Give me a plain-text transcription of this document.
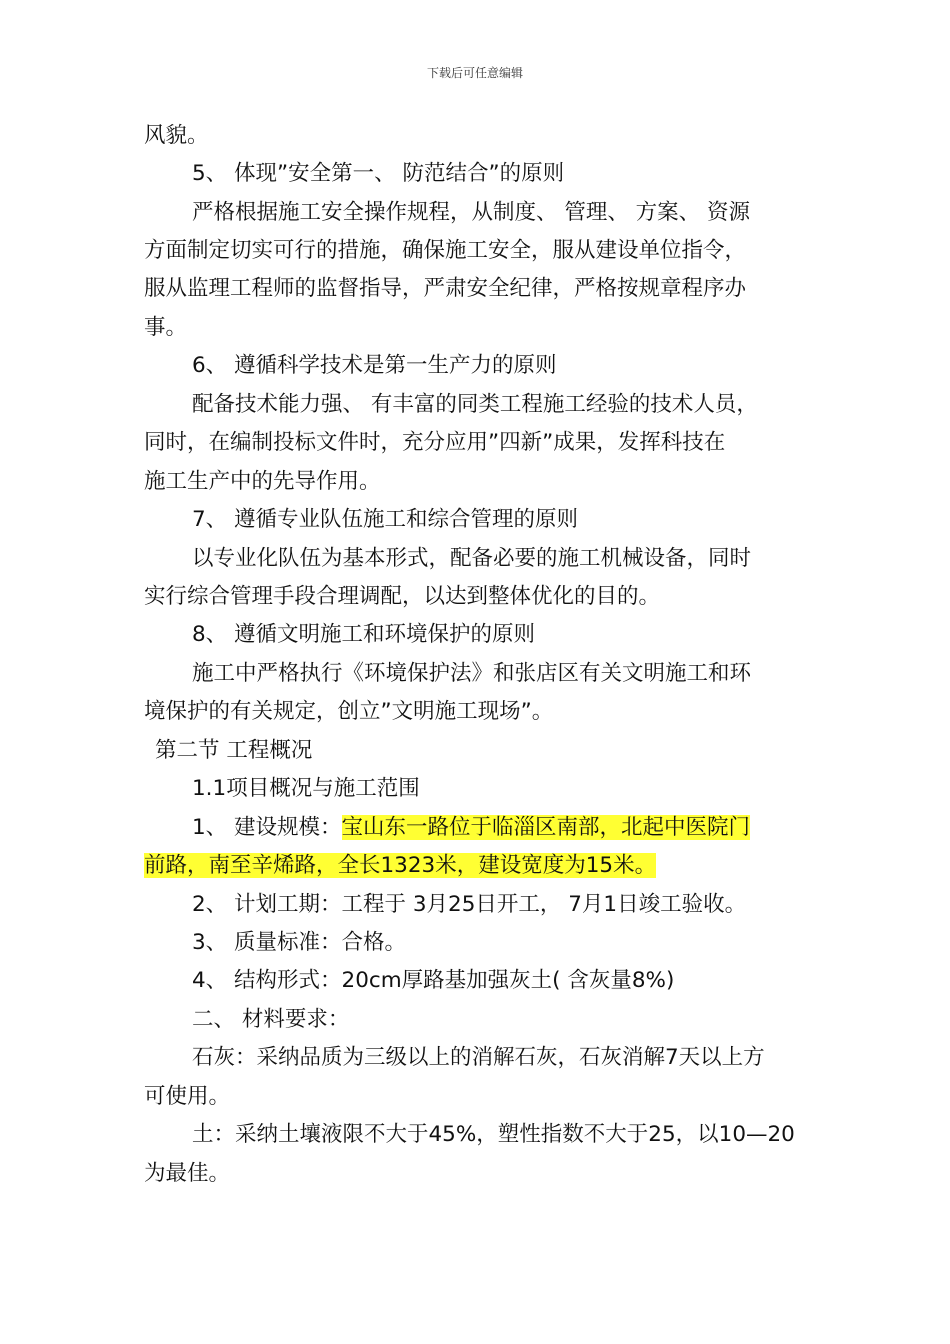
下载后可任意编辑
风貌。
5、 体现”安全第一、 防范结合”的原则
严格根据施工安全操作规程，从制度、 管理、 方案、 资源
方面制定切实可行的措施，确保施工安全，服从建设单位指令，
服从监理工程师的监督指导，严肃安全纪律，严格按规章程序办
事。
6、 遵循科学技术是第一生产力的原则
配备技术能力强、 有丰富的同类工程施工经验的技术人员，
同时，在编制投标文件时，充分应用”四新”成果，发挥科技在
施工生产中的先导作用。
7、 遵循专业队伍施工和综合管理的原则
以专业化队伍为基本形式，配备必要的施工机械设备，同时
实行综合管理手段合理调配，以达到整体优化的目的。
8、 遵循文明施工和环境保护的原则
施工中严格执行《环境保护法》和张店区有关文明施工和环
境保护的有关规定，创立”文明施工现场”。
第二节 工程概况
1.1项目概况与施工范围
1、 建设规模：宝山东一路位于临淄区南部，北起中医院门
前路，南至辛烯路，全长1323米，建设宽度为15米。
2、 计划工期：工程于 3月25日开工， 7月1日竣工验收。
3、 质量标准：合格。
4、 结构形式：20cm厚路基加强灰土( 含灰量8%)
二、 材料要求：
石灰：采纳品质为三级以上的消解石灰，石灰消解7天以上方
可使用。
土：采纳土壤液限不大于45%，塑性指数不大于25，以10—20
为最佳。
